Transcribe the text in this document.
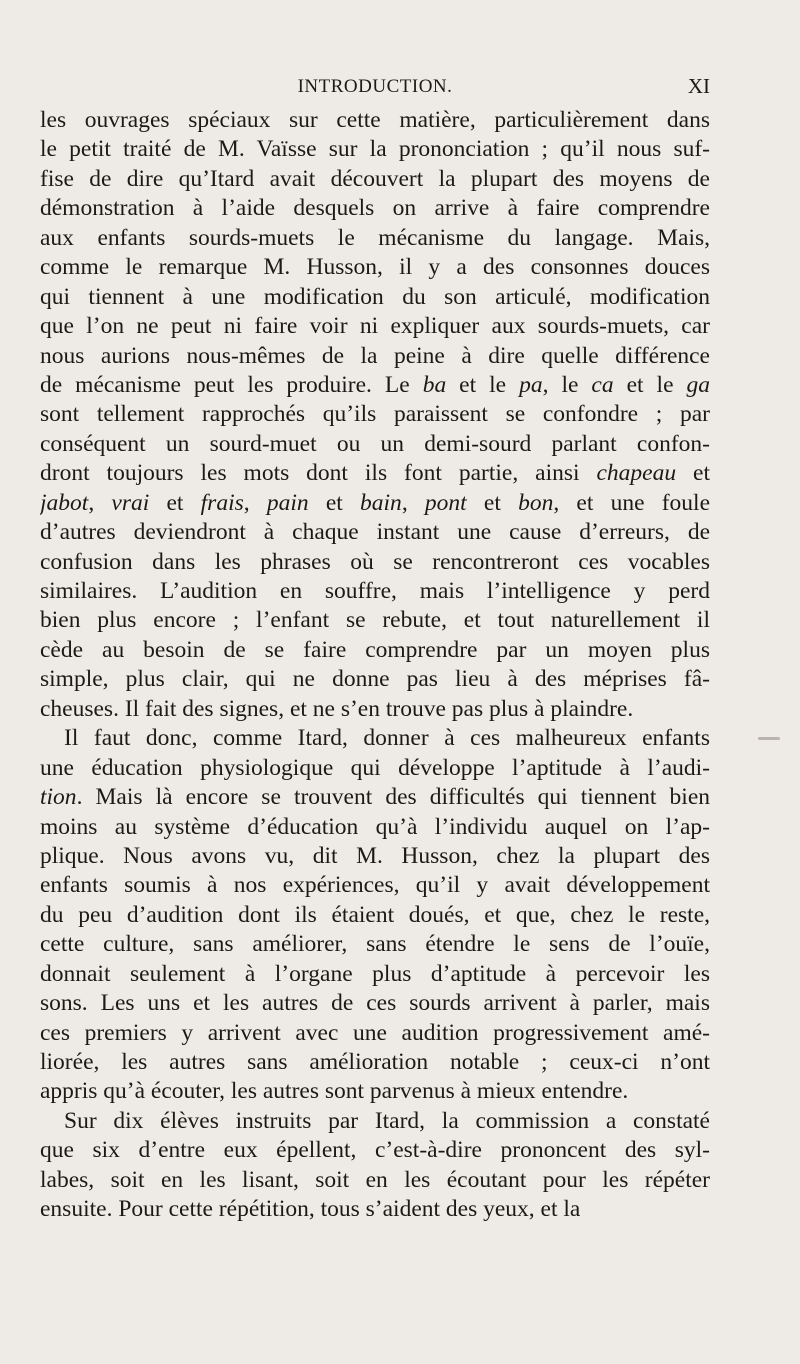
INTRODUCTION.	XI
les ouvrages spéciaux sur cette matière, particulièrement dans
le petit traité de M. Vaïsse sur la prononciation ; qu’il nous suf-
fise de dire qu’Itard avait découvert la plupart des moyens de
démonstration à l’aide desquels on arrive à faire comprendre
aux enfants sourds-muets le mécanisme du langage. Mais,
comme le remarque M. Husson, il y a des consonnes douces
qui tiennent à une modification du son articulé, modification
que l’on ne peut ni faire voir ni expliquer aux sourds-muets, car
nous aurions nous-mêmes de la peine à dire quelle différence
de mécanisme peut les produire. Le ba et le pa, le ca et le ga
sont tellement rapprochés qu’ils paraissent se confondre ; par
conséquent un sourd-muet ou un demi-sourd parlant confon-
dront toujours les mots dont ils font partie, ainsi chapeau et
jabot, vrai et frais, pain et bain, pont et bon, et une foule
d’autres deviendront à chaque instant une cause d’erreurs, de
confusion dans les phrases où se rencontreront ces vocables
similaires. L’audition en souffre, mais l’intelligence y perd
bien plus encore ; l’enfant se rebute, et tout naturellement il
cède au besoin de se faire comprendre par un moyen plus
simple, plus clair, qui ne donne pas lieu à des méprises fâ-
cheuses. Il fait des signes, et ne s’en trouve pas plus à plaindre.
Il faut donc, comme Itard, donner à ces malheureux enfants
une éducation physiologique qui développe l’aptitude à l’audi-
tion. Mais là encore se trouvent des difficultés qui tiennent bien
moins au système d’éducation qu’à l’individu auquel on l’ap-
plique. Nous avons vu, dit M. Husson, chez la plupart des
enfants soumis à nos expériences, qu’il y avait développement
du peu d’audition dont ils étaient doués, et que, chez le reste,
cette culture, sans améliorer, sans étendre le sens de l’ouïe,
donnait seulement à l’organe plus d’aptitude à percevoir les
sons. Les uns et les autres de ces sourds arrivent à parler, mais
ces premiers y arrivent avec une audition progressivement amé-
liorée, les autres sans amélioration notable ; ceux-ci n’ont
appris qu’à écouter, les autres sont parvenus à mieux entendre.
Sur dix élèves instruits par Itard, la commission a constaté
que six d’entre eux épellent, c’est-à-dire prononcent des syl-
labes, soit en les lisant, soit en les écoutant pour les répéter
ensuite. Pour cette répétition, tous s’aident des yeux, et la
